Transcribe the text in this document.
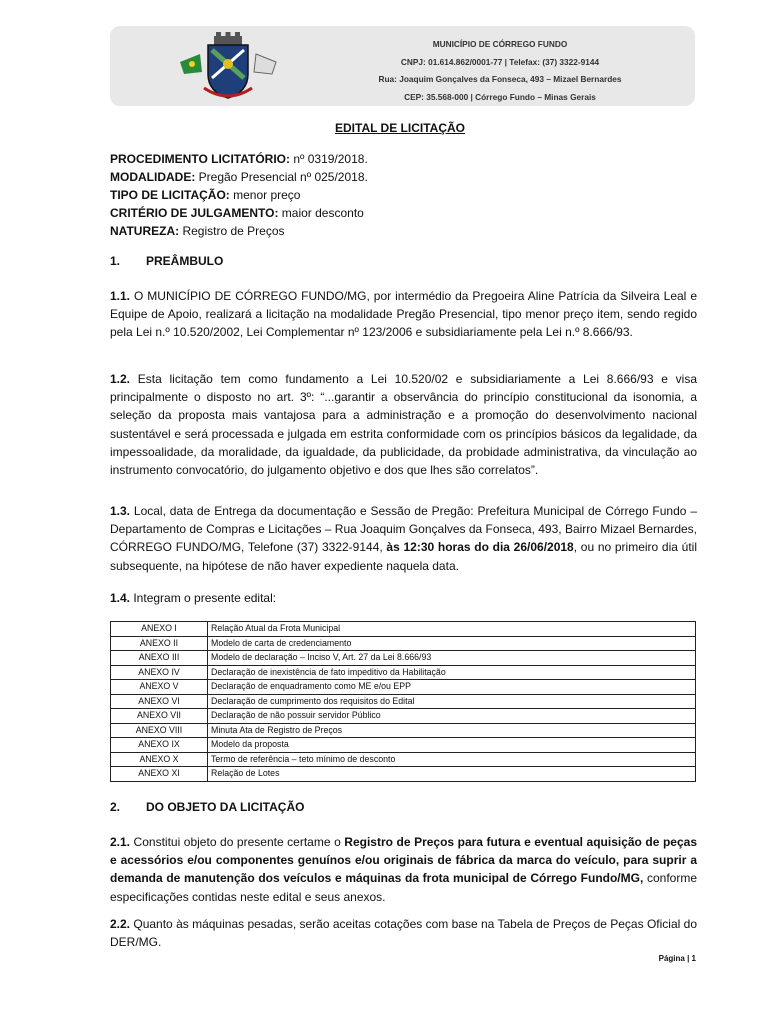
MUNICÍPIO DE CÓRREGO FUNDO
CNPJ: 01.614.862/0001-77 | Telefax: (37) 3322-9144
Rua: Joaquim Gonçalves da Fonseca, 493 – Mizael Bernardes
CEP: 35.568-000 | Córrego Fundo – Minas Gerais
EDITAL DE LICITAÇÃO
PROCEDIMENTO LICITATÓRIO: nº 0319/2018.
MODALIDADE: Pregão Presencial nº 025/2018.
TIPO DE LICITAÇÃO: menor preço
CRITÉRIO DE JULGAMENTO: maior desconto
NATUREZA: Registro de Preços
1. PREÂMBULO
1.1. O MUNICÍPIO DE CÓRREGO FUNDO/MG, por intermédio da Pregoeira Aline Patrícia da Silveira Leal e Equipe de Apoio, realizará a licitação na modalidade Pregão Presencial, tipo menor preço item, sendo regido pela Lei n.º 10.520/2002, Lei Complementar nº 123/2006 e subsidiariamente pela Lei n.º 8.666/93.
1.2. Esta licitação tem como fundamento a Lei 10.520/02 e subsidiariamente a Lei 8.666/93 e visa principalmente o disposto no art. 3º: “...garantir a observância do princípio constitucional da isonomia, a seleção da proposta mais vantajosa para a administração e a promoção do desenvolvimento nacional sustentável e será processada e julgada em estrita conformidade com os princípios básicos da legalidade, da impessoalidade, da moralidade, da igualdade, da publicidade, da probidade administrativa, da vinculação ao instrumento convocatório, do julgamento objetivo e dos que lhes são correlatos”.
1.3. Local, data de Entrega da documentação e Sessão de Pregão: Prefeitura Municipal de Córrego Fundo – Departamento de Compras e Licitações – Rua Joaquim Gonçalves da Fonseca, 493, Bairro Mizael Bernardes, CÓRREGO FUNDO/MG, Telefone (37) 3322-9144, às 12:30 horas do dia 26/06/2018, ou no primeiro dia útil subsequente, na hipótese de não haver expediente naquela data.
1.4. Integram o presente edital:
ANEXO I	Relação Atual da Frota Municipal
ANEXO II	Modelo de carta de credenciamento
ANEXO III	Modelo de declaração – Inciso V, Art. 27 da Lei 8.666/93
ANEXO IV	Declaração de inexistência de fato impeditivo da Habilitação
ANEXO V	Declaração de enquadramento como ME e/ou EPP
ANEXO VI	Declaração de cumprimento dos requisitos do Edital
ANEXO VII	Declaração de não possuir servidor Público
ANEXO VIII	Minuta Ata de Registro de Preços
ANEXO IX	Modelo da proposta
ANEXO X	Termo de referência – teto mínimo de desconto
ANEXO XI	Relação de Lotes
2. DO OBJETO DA LICITAÇÃO
2.1. Constitui objeto do presente certame o Registro de Preços para futura e eventual aquisição de peças e acessórios e/ou componentes genuínos e/ou originais de fábrica da marca do veículo, para suprir a demanda de manutenção dos veículos e máquinas da frota municipal de Córrego Fundo/MG, conforme especificações contidas neste edital e seus anexos.
2.2. Quanto às máquinas pesadas, serão aceitas cotações com base na Tabela de Preços de Peças Oficial do DER/MG.
Página | 1
